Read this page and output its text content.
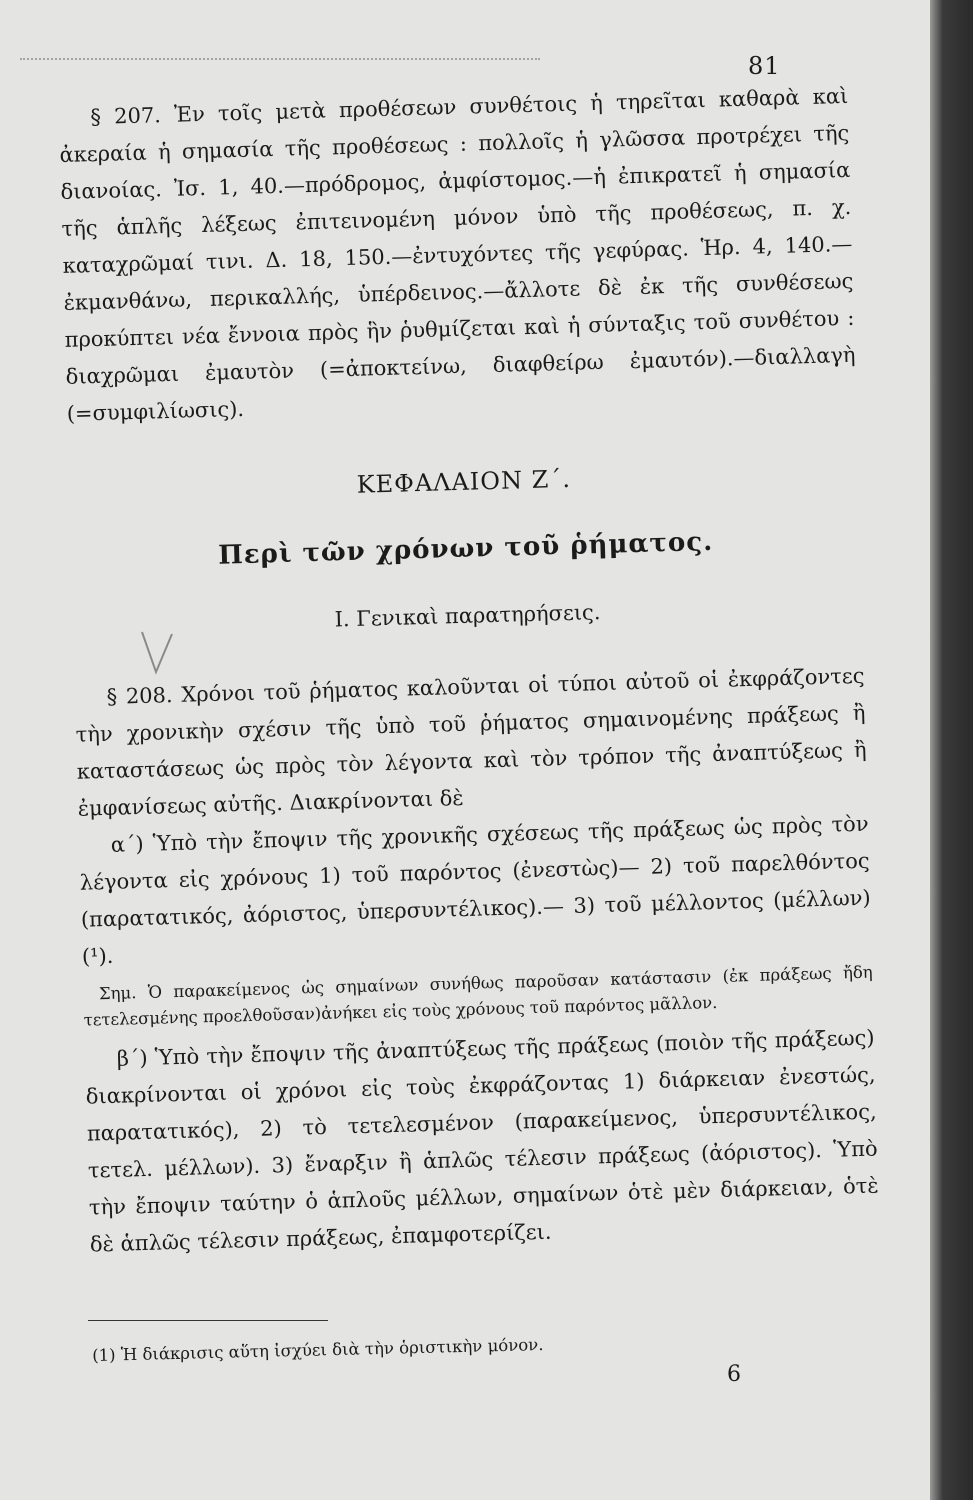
81

§ 207. Ἐν τοῖς μετὰ προθέσεων συνθέτοις ἡ τηρεῖται καθαρὰ καὶ ἀκεραία ἡ σημασία τῆς προθέσεως : πολλοῖς ἡ γλῶσσα προτρέχει τῆς διανοίας. Ἰσ. 1, 40.—πρόδρομος, ἀμφίστομος.—ἡ ἐπικρατεῖ ἡ σημασία τῆς ἁπλῆς λέξεως ἐπιτεινομένη μόνον ὑπὸ τῆς προθέσεως, π. χ. καταχρῶμαί τινι. Δ. 18, 150.—ἐντυχόντες τῆς γεφύρας. Ἡρ. 4, 140.—ἐκμανθάνω, περικαλλής, ὑπέρδεινος.—ἄλλοτε δὲ ἐκ τῆς συνθέσεως προκύπτει νέα ἔννοια πρὸς ἣν ῥυθμίζεται καὶ ἡ σύνταξις τοῦ συνθέτου : διαχρῶμαι ἐμαυτὸν (=ἀποκτείνω, διαφθείρω ἐμαυτόν).—διαλλαγὴ (=συμφιλίωσις).

ΚΕΦΑΛΑΙΟΝ Ζ΄.

Περὶ τῶν χρόνων τοῦ ῥήματος.

I. Γενικαὶ παρατηρήσεις.

§ 208. Χρόνοι τοῦ ῥήματος καλοῦνται οἱ τύποι αὐτοῦ οἱ ἐκφράζοντες τὴν χρονικὴν σχέσιν τῆς ὑπὸ τοῦ ῥήματος σημαινομένης πράξεως ἢ καταστάσεως ὡς πρὸς τὸν λέγοντα καὶ τὸν τρόπον τῆς ἀναπτύξεως ἢ ἐμφανίσεως αὐτῆς. Διακρίνονται δὲ

α΄) Ὑπὸ τὴν ἔποψιν τῆς χρονικῆς σχέσεως τῆς πράξεως ὡς πρὸς τὸν λέγοντα εἰς χρόνους 1) τοῦ παρόντος (ἐνεστὼς)— 2) τοῦ παρελθόντος (παρατατικός, ἀόριστος, ὑπερσυντέλικος).— 3) τοῦ μέλλοντος (μέλλων) (¹).

Σημ. Ὁ παρακείμενος ὡς σημαίνων συνήθως παροῦσαν κατάστασιν (ἐκ πράξεως ἤδη τετελεσμένης προελθοῦσαν)ἀνήκει εἰς τοὺς χρόνους τοῦ παρόντος μᾶλλον.

β΄) Ὑπὸ τὴν ἔποψιν τῆς ἀναπτύξεως τῆς πράξεως (ποιὸν τῆς πράξεως) διακρίνονται οἱ χρόνοι εἰς τοὺς ἐκφράζοντας 1) διάρκειαν ἐνεστώς, παρατατικός), 2) τὸ τετελεσμένον (παρακείμενος, ὑπερσυντέλικος, τετελ. μέλλων). 3) ἔναρξιν ἢ ἁπλῶς τέλεσιν πράξεως (ἀόριστος). Ὑπὸ τὴν ἔποψιν ταύτην ὁ ἁπλοῦς μέλλων, σημαίνων ὁτὲ μὲν διάρκειαν, ὁτὲ δὲ ἁπλῶς τέλεσιν πράξεως, ἐπαμφοτερίζει.

(1) Ἡ διάκρισις αὕτη ἰσχύει διὰ τὴν ὁριστικὴν μόνον.
6
